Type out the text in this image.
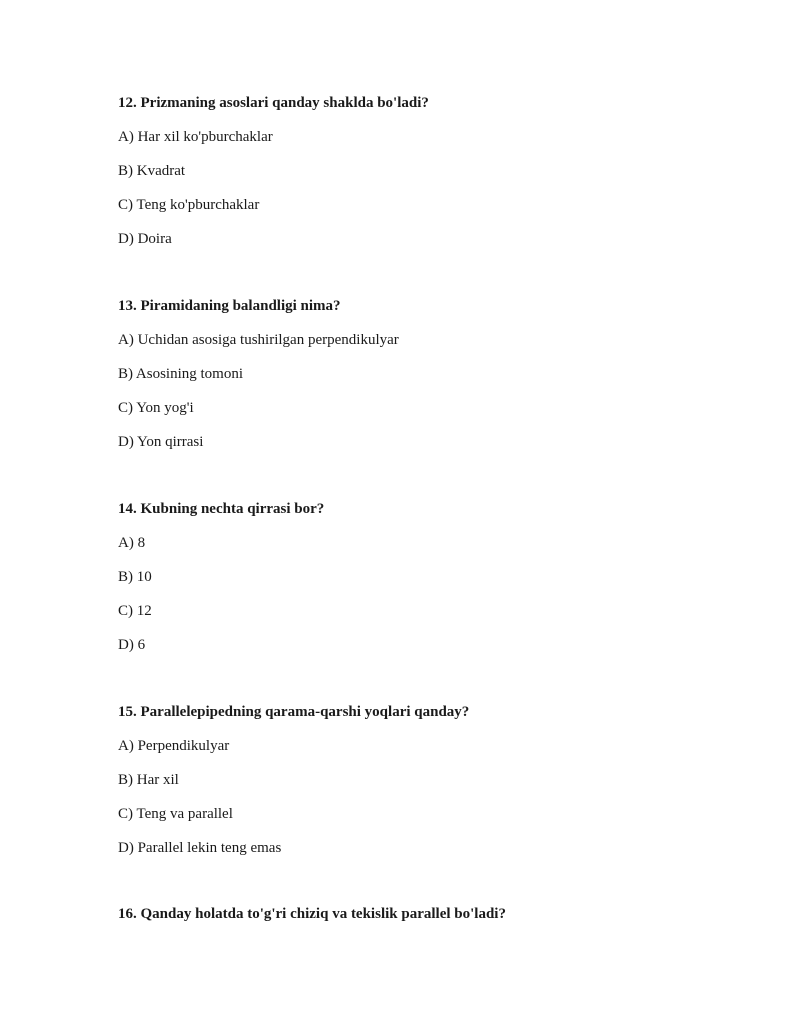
12. Prizmaning asoslari qanday shaklda bo'ladi?

A) Har xil ko'pburchaklar

B) Kvadrat

C) Teng ko'pburchaklar

D) Doira

13. Piramidaning balandligi nima?

A) Uchidan asosiga tushirilgan perpendikulyar

B) Asosining tomoni

C) Yon yog'i

D) Yon qirrasi

14. Kubning nechta qirrasi bor?

A) 8

B) 10

C) 12

D) 6

15. Parallelepipedning qarama-qarshi yoqlari qanday?

A) Perpendikulyar

B) Har xil

C) Teng va parallel

D) Parallel lekin teng emas

16. Qanday holatda to'g'ri chiziq va tekislik parallel bo'ladi?
